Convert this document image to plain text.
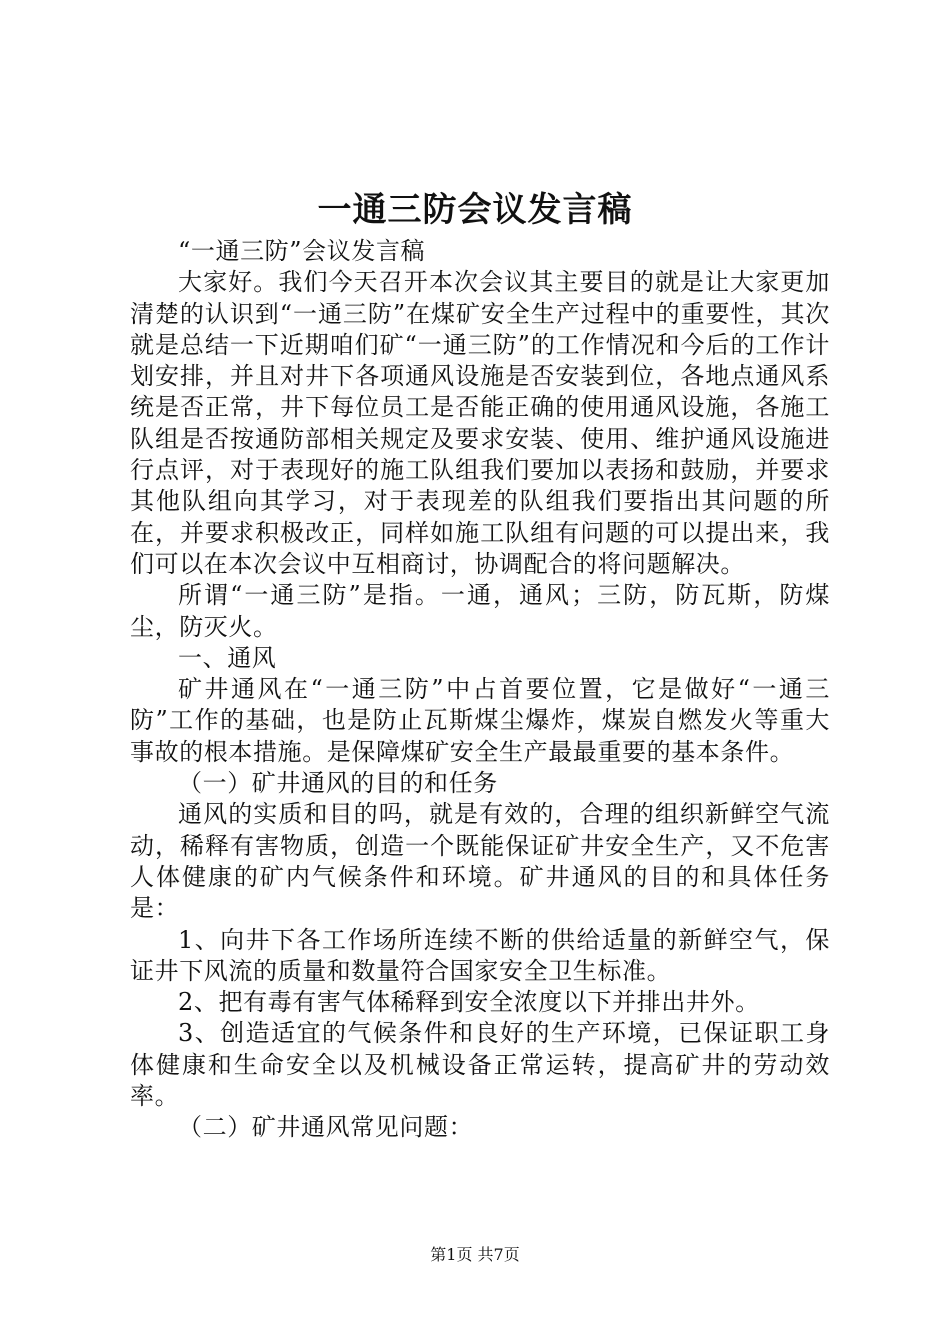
一通三防会议发言稿

“一通三防”会议发言稿

大家好。我们今天召开本次会议其主要目的就是让大家更加清楚的认识到“一通三防”在煤矿安全生产过程中的重要性，其次就是总结一下近期咱们矿“一通三防”的工作情况和今后的工作计划安排，并且对井下各项通风设施是否安装到位，各地点通风系统是否正常，井下每位员工是否能正确的使用通风设施，各施工队组是否按通防部相关规定及要求安装、使用、维护通风设施进行点评，对于表现好的施工队组我们要加以表扬和鼓励，并要求其他队组向其学习，对于表现差的队组我们要指出其问题的所在，并要求积极改正，同样如施工队组有问题的可以提出来，我们可以在本次会议中互相商讨，协调配合的将问题解决。

所谓“一通三防”是指。一通，通风；三防，防瓦斯，防煤尘，防灭火。

一、通风

矿井通风在“一通三防”中占首要位置，它是做好“一通三防”工作的基础，也是防止瓦斯煤尘爆炸，煤炭自燃发火等重大事故的根本措施。是保障煤矿安全生产最最重要的基本条件。

（一）矿井通风的目的和任务

通风的实质和目的吗，就是有效的，合理的组织新鲜空气流动，稀释有害物质，创造一个既能保证矿井安全生产，又不危害人体健康的矿内气候条件和环境。矿井通风的目的和具体任务是：

1、向井下各工作场所连续不断的供给适量的新鲜空气，保证井下风流的质量和数量符合国家安全卫生标准。

2、把有毒有害气体稀释到安全浓度以下并排出井外。

3、创造适宜的气候条件和良好的生产环境，已保证职工身体健康和生命安全以及机械设备正常运转，提高矿井的劳动效率。

（二）矿井通风常见问题：

第1页 共7页
